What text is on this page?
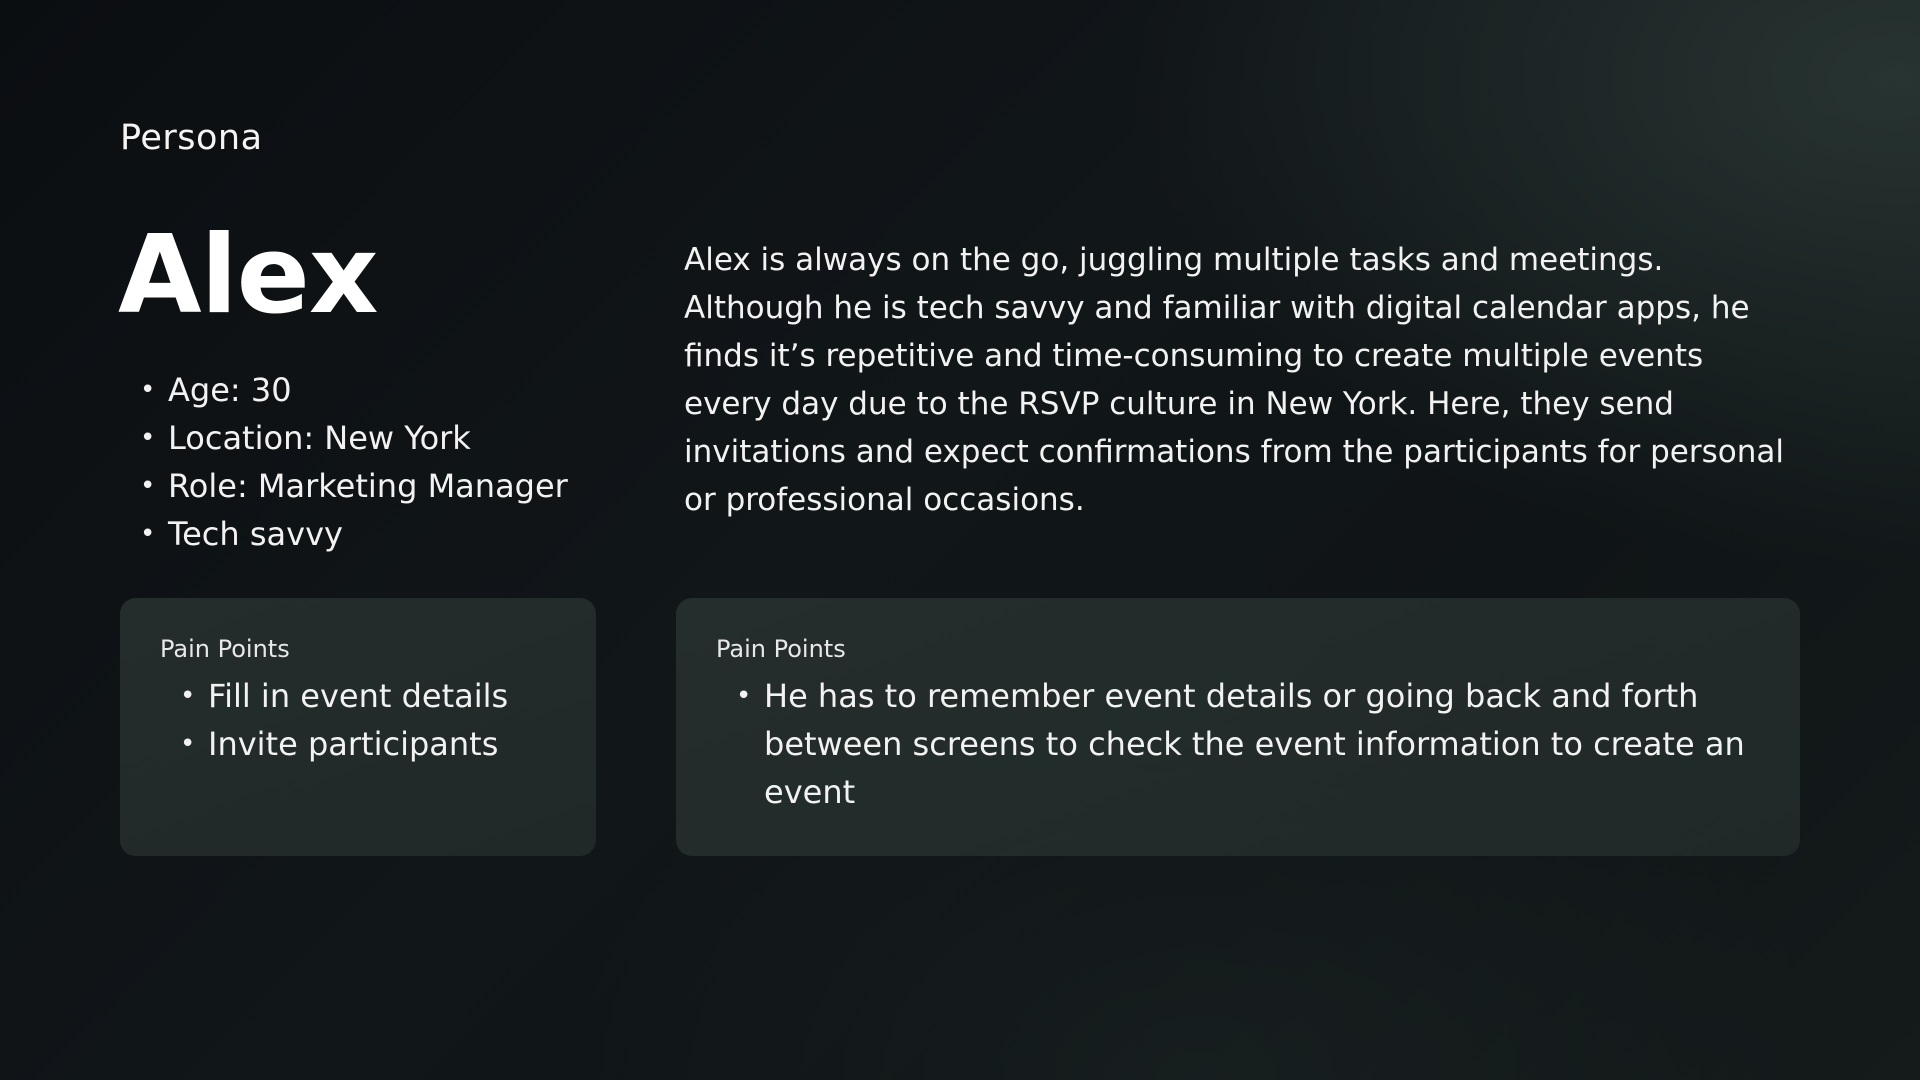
Persona
Alex
• Age: 30
• Location: New York
• Role: Marketing Manager
• Tech savvy

Alex is always on the go, juggling multiple tasks and meetings. Although he is tech savvy and familiar with digital calendar apps, he finds it’s repetitive and time-consuming to create multiple events every day due to the RSVP culture in New York. Here, they send invitations and expect confirmations from the participants for personal or professional occasions.

Pain Points
• Fill in event details
• Invite participants
Pain Points
• He has to remember event details or going back and forth between screens to check the event information to create an event
